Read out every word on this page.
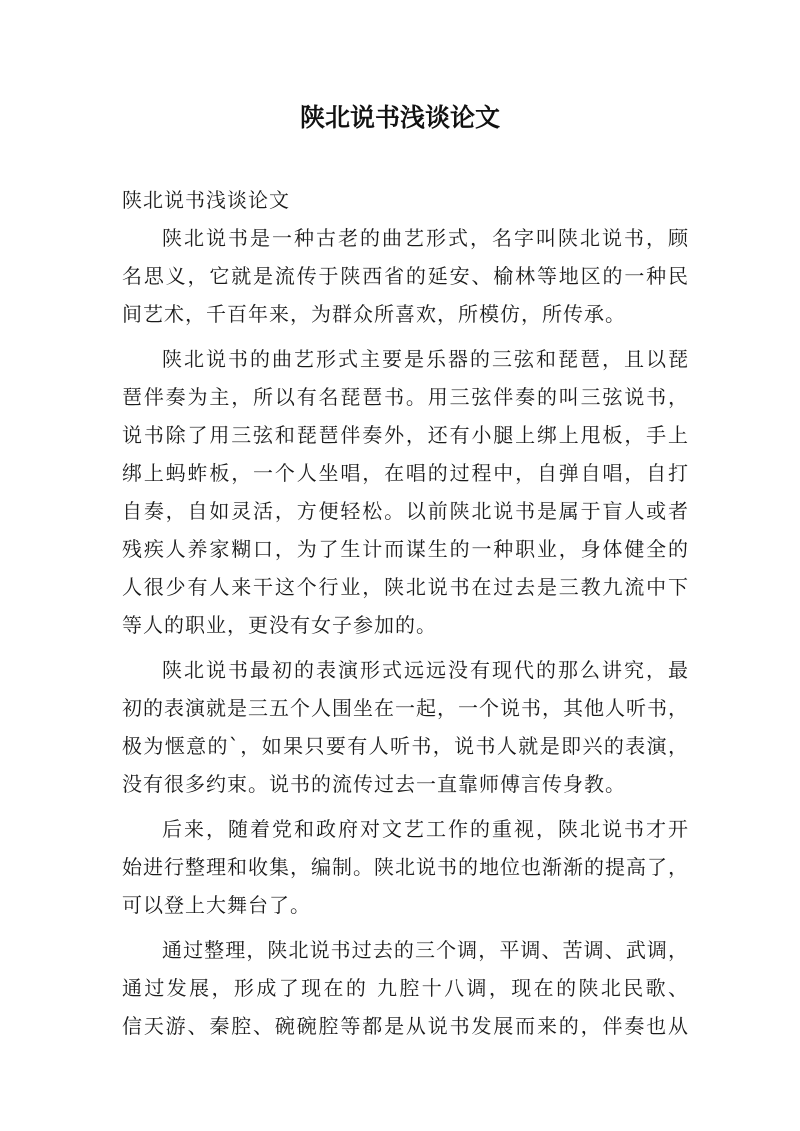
陕北说书浅谈论文

陕北说书浅谈论文

陕北说书是一种古老的曲艺形式，名字叫陕北说书，顾
名思义，它就是流传于陕西省的延安、榆林等地区的一种民
间艺术，千百年来，为群众所喜欢，所模仿，所传承。

陕北说书的曲艺形式主要是乐器的三弦和琵琶，且以琵
琶伴奏为主，所以有名琵琶书。用三弦伴奏的叫三弦说书，
说书除了用三弦和琵琶伴奏外，还有小腿上绑上甩板，手上
绑上蚂蚱板，一个人坐唱，在唱的过程中，自弹自唱，自打
自奏，自如灵活，方便轻松。以前陕北说书是属于盲人或者
残疾人养家糊口，为了生计而谋生的一种职业，身体健全的
人很少有人来干这个行业，陕北说书在过去是三教九流中下
等人的职业，更没有女子参加的。

陕北说书最初的表演形式远远没有现代的那么讲究，最
初的表演就是三五个人围坐在一起，一个说书，其他人听书，
极为惬意的`，如果只要有人听书，说书人就是即兴的表演，
没有很多约束。说书的流传过去一直靠师傅言传身教。

后来，随着党和政府对文艺工作的重视，陕北说书才开
始进行整理和收集，编制。陕北说书的地位也渐渐的提高了，
可以登上大舞台了。

通过整理，陕北说书过去的三个调，平调、苦调、武调，
通过发展，形成了现在的 九腔十八调，现在的陕北民歌、
信天游、秦腔、碗碗腔等都是从说书发展而来的，伴奏也从
